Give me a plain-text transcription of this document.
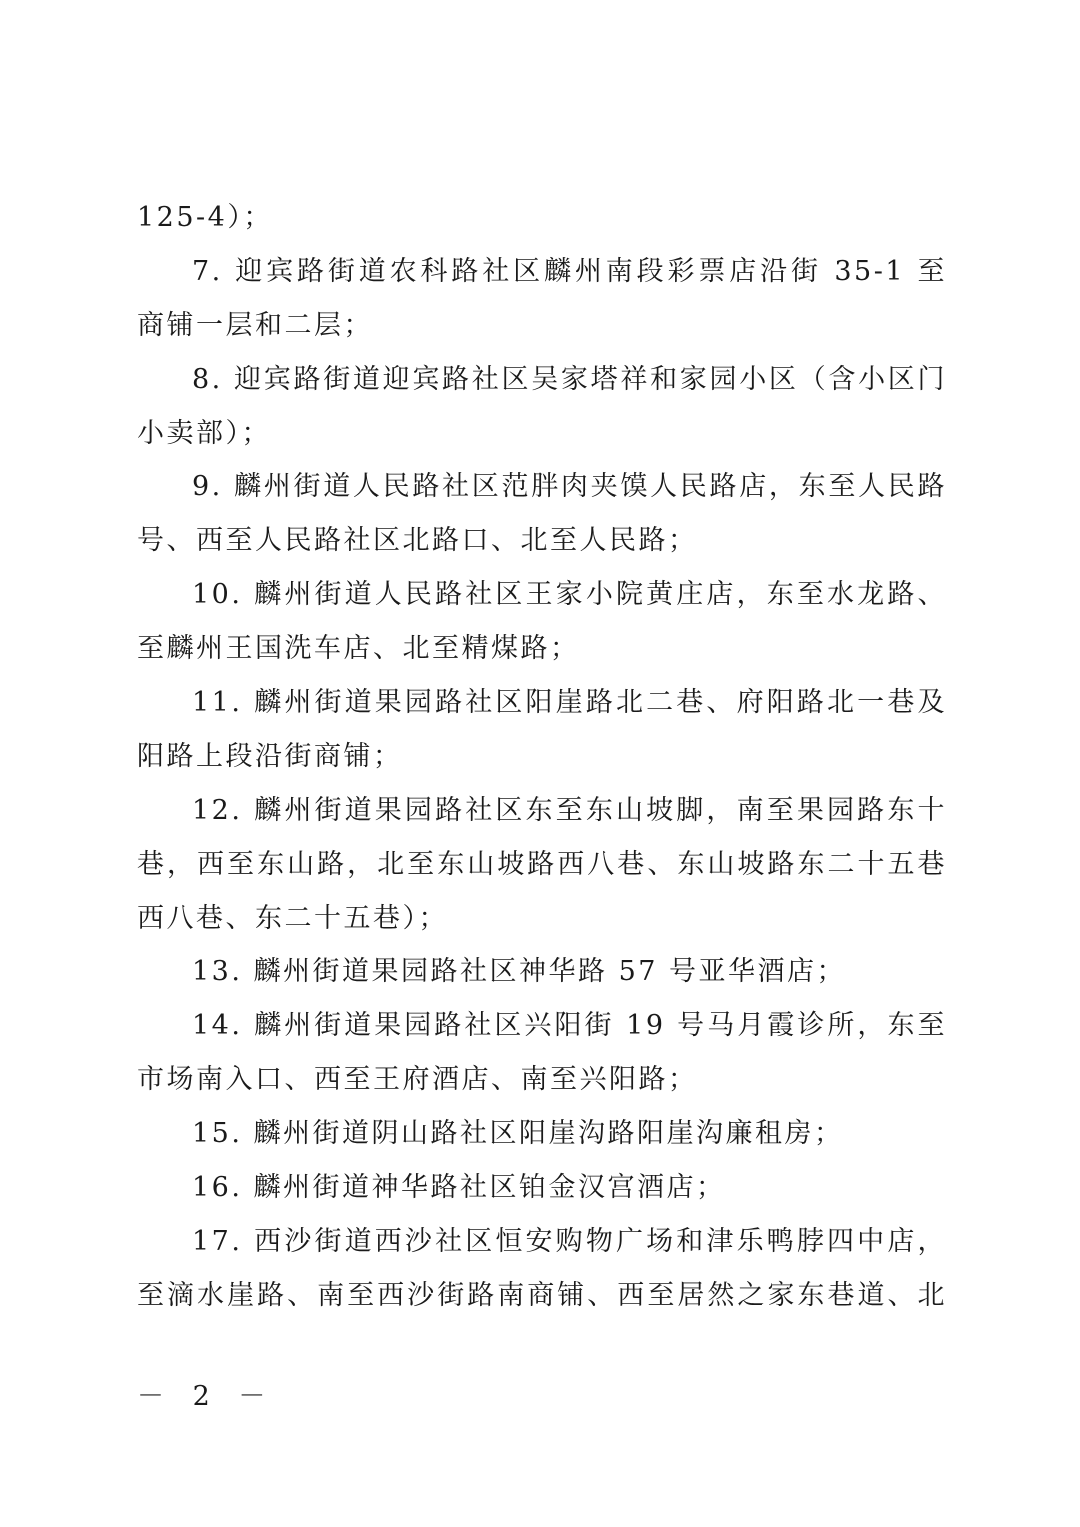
125-4）；
7. 迎宾路街道农科路社区麟州南段彩票店沿街 35-1 至
商铺一层和二层；
8. 迎宾路街道迎宾路社区吴家塔祥和家园小区（含小区门
小卖部）；
9. 麟州街道人民路社区范胖肉夹馍人民路店，东至人民路
号、西至人民路社区北路口、北至人民路；
10. 麟州街道人民路社区王家小院黄庄店，东至水龙路、
至麟州王国洗车店、北至精煤路；
11. 麟州街道果园路社区阳崖路北二巷、府阳路北一巷及
阳路上段沿街商铺；
12. 麟州街道果园路社区东至东山坡脚，南至果园路东十
巷，西至东山路，北至东山坡路西八巷、东山坡路东二十五巷
西八巷、东二十五巷）；
13. 麟州街道果园路社区神华路 57 号亚华酒店；
14. 麟州街道果园路社区兴阳街 19 号马月霞诊所，东至
市场南入口、西至王府酒店、南至兴阳路；
15. 麟州街道阴山路社区阳崖沟路阳崖沟廉租房；
16. 麟州街道神华路社区铂金汉宫酒店；
17. 西沙街道西沙社区恒安购物广场和津乐鸭脖四中店，
至滴水崖路、南至西沙街路南商铺、西至居然之家东巷道、北
－ 2 －
